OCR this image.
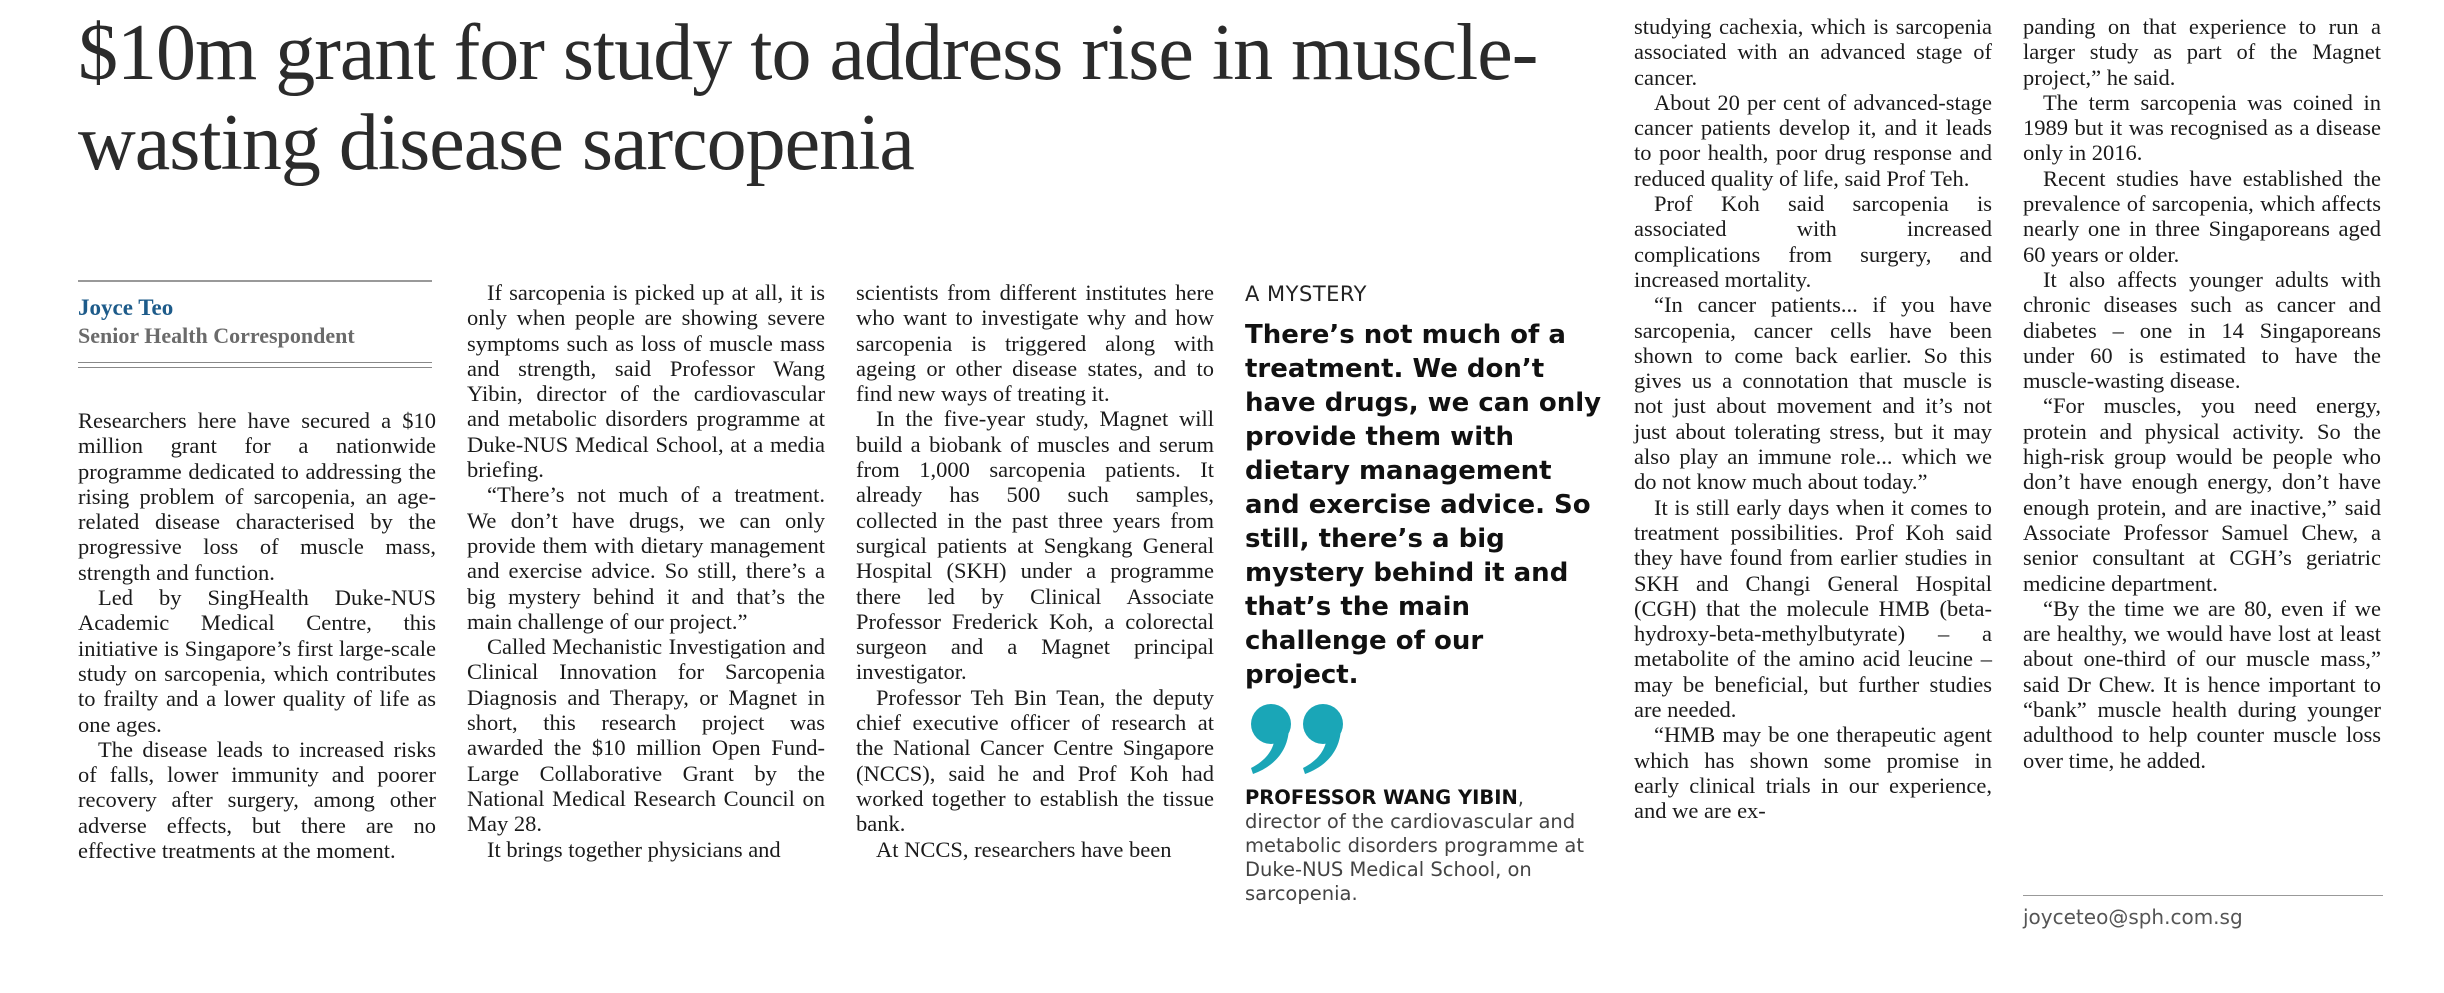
$10m grant for study to address rise in muscle-wasting disease sarcopenia
Joyce Teo
Senior Health Correspondent

Researchers here have secured a $10 million grant for a nationwide programme dedicated to addressing the rising problem of sarcopenia, an age-related disease characterised by the progressive loss of muscle mass, strength and function.

Led by SingHealth Duke-NUS Academic Medical Centre, this initiative is Singapore’s first large-scale study on sarcopenia, which contributes to frailty and a lower quality of life as one ages.

The disease leads to increased risks of falls, lower immunity and poorer recovery after surgery, among other adverse effects, but there are no effective treatments at the moment.

If sarcopenia is picked up at all, it is only when people are showing severe symptoms such as loss of muscle mass and strength, said Professor Wang Yibin, director of the cardiovascular and metabolic disorders programme at Duke-NUS Medical School, at a media briefing.

“There’s not much of a treatment. We don’t have drugs, we can only provide them with dietary management and exercise advice. So still, there’s a big mystery behind it and that’s the main challenge of our project.”

Called Mechanistic Investigation and Clinical Innovation for Sarcopenia Diagnosis and Therapy, or Magnet in short, this research project was awarded the $10 million Open Fund-Large Collaborative Grant by the National Medical Research Council on May 28.

It brings together physicians and

scientists from different institutes here who want to investigate why and how sarcopenia is triggered along with ageing or other disease states, and to find new ways of treating it.

In the five-year study, Magnet will build a biobank of muscles and serum from 1,000 sarcopenia patients. It already has 500 such samples, collected in the past three years from surgical patients at Sengkang General Hospital (SKH) under a programme there led by Clinical Associate Professor Frederick Koh, a colorectal surgeon and a Magnet principal investigator.

Professor Teh Bin Tean, the deputy chief executive officer of research at the National Cancer Centre Singapore (NCCS), said he and Prof Koh had worked together to establish the tissue bank.

At NCCS, researchers have been

A MYSTERY
There’s not much of a treatment. We don’t have drugs, we can only provide them with dietary management and exercise advice. So still, there’s a big mystery behind it and that’s the main challenge of our project.
PROFESSOR WANG YIBIN, director of the cardiovascular and metabolic disorders programme at Duke-NUS Medical School, on sarcopenia.

studying cachexia, which is sarcopenia associated with an advanced stage of cancer.

About 20 per cent of advanced-stage cancer patients develop it, and it leads to poor health, poor drug response and reduced quality of life, said Prof Teh.

Prof Koh said sarcopenia is associated with increased complications from surgery, and increased mortality.

“In cancer patients... if you have sarcopenia, cancer cells have been shown to come back earlier. So this gives us a connotation that muscle is not just about movement and it’s not just about tolerating stress, but it may also play an immune role... which we do not know much about today.”

It is still early days when it comes to treatment possibilities. Prof Koh said they have found from earlier studies in SKH and Changi General Hospital (CGH) that the molecule HMB (beta-hydroxy-beta-methylbutyrate) – a metabolite of the amino acid leucine – may be beneficial, but further studies are needed.

“HMB may be one therapeutic agent which has shown some promise in early clinical trials in our experience, and we are ex-

panding on that experience to run a larger study as part of the Magnet project,” he said.

The term sarcopenia was coined in 1989 but it was recognised as a disease only in 2016.

Recent studies have established the prevalence of sarcopenia, which affects nearly one in three Singaporeans aged 60 years or older.

It also affects younger adults with chronic diseases such as cancer and diabetes – one in 14 Singaporeans under 60 is estimated to have the muscle-wasting disease.

“For muscles, you need energy, protein and physical activity. So the high-risk group would be people who don’t have enough energy, don’t have enough protein, and are inactive,” said Associate Professor Samuel Chew, a senior consultant at CGH’s geriatric medicine department.

“By the time we are 80, even if we are healthy, we would have lost at least about one-third of our muscle mass,” said Dr Chew. It is hence important to “bank” muscle health during younger adulthood to help counter muscle loss over time, he added.

joyceteo@sph.com.sg
